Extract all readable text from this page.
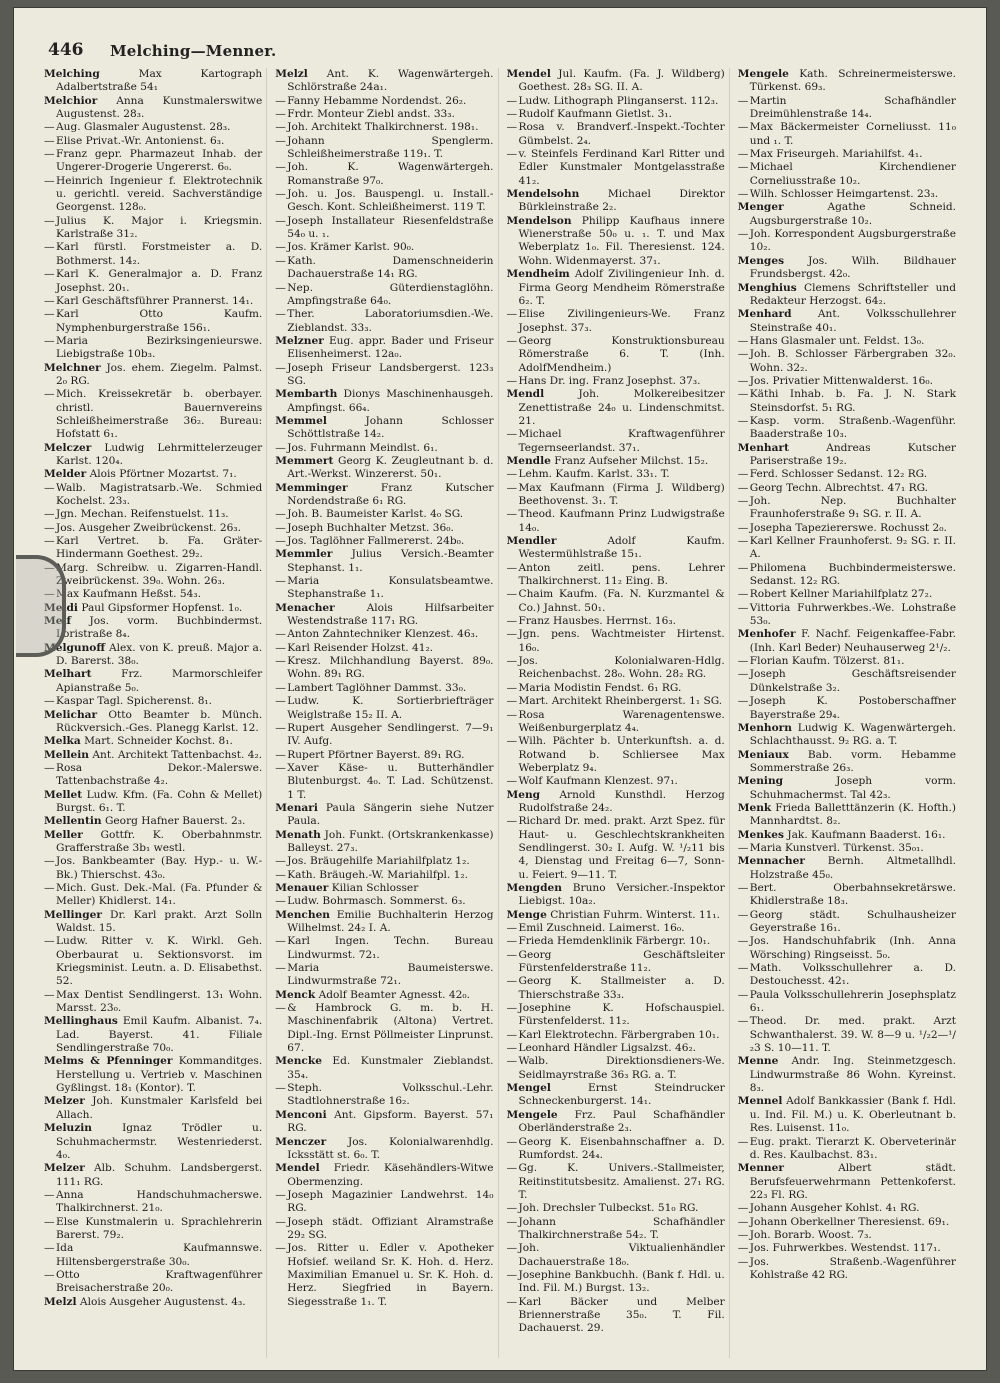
446 Melching—Menner.

Melching	Max Kartograph Adalbertstraße 54₁

Melchior Anna Kunstmalerswitwe Augustenst. 28₃.

—Aug. Glasmaler Augustenst. 28₃.

—Elise Privat.-Wr. Antonienst. 6₃.

—Franz gepr. Pharmazeut Inhab. der Ungerer-Drogerie Ungererst. 6₀.

—Heinrich Ingenieur f. Elektrotechnik u. gerichtl. vereid. Sachverständige Georgenst. 128₀.

—Julius K. Major i. Kriegsmin. Karlstraße 31₂.

—Karl fürstl. Forstmeister a. D. Bothmerst. 14₂.

—Karl K. Generalmajor a. D. Franz Josephst. 20₁.

—Karl Geschäftsführer Prannerst. 14₁.

—Karl Otto Kaufm. Nymphenburgerstraße 156₁.

—Maria Bezirksingenieurswe. Liebigstraße 10b₃.

Melchner Jos. ehem. Ziegelm. Palmst. 2₀ RG.

—Mich. Kreissekretär b. oberbayer. christl. Bauernvereins Schleißheimerstraße 36₂. Bureau: Hofstatt 6₁.

Melczer Ludwig Lehrmittelerzeuger Karlst. 120₄.

Melder Alois Pförtner Mozartst. 7₁.

—Walb. Magistratsarb.-We. Schmied Kochelst. 23₃.

—Jgn. Mechan. Reifenstuelst. 11₃.

—Jos. Ausgeher Zweibrückenst. 26₃.

—Karl Vertret. b. Fa. Gräter-Hindermann Goethest. 29₂.

—Marg. Schreibw. u. Zigarren-Handl. Zweibrückenst. 39₀. Wohn. 26₃.

—Max Kaufmann Heßst. 54₃.

Meldi Paul Gipsformer Hopfenst. 1₀.

Melf Jos. vorm. Buchbindermst. Loristraße 8₄.

Melgunoff Alex. von K. preuß. Major a. D. Barerst. 38₀.

Melhart	Frz. Marmorschleifer Apianstraße 5₀.

—Kaspar Tagl. Spicherenst. 8₁.

Melichar Otto Beamter b. Münch. Rückversich.-Ges. Planegg Karlst. 12.

Melka Mart. Schneider Kochst. 8₁.

Mellein Ant. Architekt Tattenbachst. 4₂.

—Rosa Dekor.-Malerswe. Tattenbachstraße 4₂.

Mellet Ludw. Kfm. (Fa. Cohn & Mellet) Burgst. 6₁. T.

Mellentin Georg Hafner Bauerst. 2₃.

Meller Gottfr. K. Oberbahnmstr. Grafferstraße 3b₁ westl.

—Jos. Bankbeamter (Bay. Hyp.- u. W.-Bk.) Thierschst. 43₀.

—Mich. Gust. Dek.-Mal. (Fa. Pfunder & Meller) Khidlerst. 14₁.

Mellinger Dr. Karl prakt. Arzt Solln Waldst. 15.

—Ludw. Ritter v. K. Wirkl. Geh. Oberbaurat u. Sektionsvorst. im Kriegsminist. Leutn. a. D. Elisabethst. 52.

—Max Dentist Sendlingerst. 13₁ Wohn. Marsst. 23₀.

Mellinghaus Emil Kaufm. Albanist. 7₄. Lad. Bayerst. 41. Filiale Sendlingerstraße 70₀.

Melms & Pfenninger Kommanditges. Herstellung u. Vertrieb v. Maschinen Gyßlingst. 18₁ (Kontor). T.

Melzer Joh. Kunstmaler Karlsfeld bei Allach.

Meluzin	Ignaz Trödler u. Schuhmachermstr. Westenriederst. 4₀.

Melzer Alb. Schuhm. Landsbergerst. 111₁ RG.

—Anna Handschuhmacherswe. Thalkirchnerst. 21₀.

—Else Kunstmalerin u. Sprachlehrerin Barerst. 79₂.

—Ida Kaufmannswe. Hiltensbergerstraße 30₀.

—Otto Kraftwagenführer Breisacherstraße 20₀.

Melzl Alois Ausgeher Augustenst. 4₃.

Melzl Ant. K. Wagenwärtergeh. Schlörstraße 24a₁.

—Fanny Hebamme Nordendst. 26₂.

—Frdr. Monteur Ziebl andst. 33₃.

—Joh. Architekt Thalkirchnerst. 198₁.

—Johann Spenglerm. Schleißheimerstraße 119₁. T.

—Joh. K. Wagenwärtergeh. Romanstraße 97₀.

—Joh. u. Jos. Bauspengl. u. Install.-Gesch. Kont. Schleißheimerst. 119 T.

—Joseph Installateur Riesenfeldstraße 54₀ u. ₁.

—Jos. Krämer Karlst. 90₀.

—Kath. Damenschneiderin Dachauerstraße 14₁ RG.

—Nep. Güterdienstaglöhn. Ampfingstraße 64₀.

—Ther. Laboratoriumsdien.-We. Zieblandst. 33₃.

Melzner Eug. appr. Bader und Friseur Elisenheimerst. 12a₀.

—Joseph Friseur Landsbergerst. 123₃ SG.

Membarth Dionys Maschinenhausgeh. Ampfingst. 66₄.

Memmel	Johann Schlosser Schöttlstraße 14₂.

—Jos. Fuhrmann Meindlst. 6₁.

Memmert Georg K. Zeugleutnant b. d. Art.-Werkst. Winzererst. 50₁.

Memminger	Franz Kutscher Nordendstraße 6₁ RG.

—Joh. B. Baumeister Karlst. 4₀ SG.

—Joseph Buchhalter Metzst. 36₀.

—Jos. Taglöhner Fallmererst. 24b₀.

Memmler Julius Versich.-Beamter Stephanst. 1₁.

—Maria Konsulatsbeamtwe. Stephanstraße 1₁.

Menacher	Alois Hilfsarbeiter Westendstraße 117₁ RG.

—Anton Zahntechniker Klenzest. 46₃.

—Karl Reisender Holzst. 41₂.

—Kresz. Milchhandlung Bayerst. 89₀. Wohn. 89₁ RG.

—Lambert Taglöhner Dammst. 33₀.

—Ludw. K. Sortierbriefträger Weiglstraße 15₂ II. A.

—Rupert Ausgeher Sendlingerst. 7—9₁ IV. Aufg.

—Rupert Pförtner Bayerst. 89₁ RG.

—Xaver Käse- u. Butterhändler Blutenburgst. 4₀. T. Lad. Schützenst. 1 T.

Menari Paula Sängerin siehe Nutzer Paula.

Menath Joh. Funkt. (Ortskrankenkasse) Balleyst. 27₃.

—Jos. Bräugehilfe Mariahilfplatz 1₂.

—Kath. Bräugeh.-W. Mariahilfpl. 1₂.

Menauer Kilian Schlosser

—Ludw. Bohrmasch. Sommerst. 6₃.

Menchen Emilie Buchhalterin Herzog Wilhelmst. 24₂ I. A.

—Karl Ingen. Techn. Bureau Lindwurmst. 72₁.

—Maria Baumeisterswe. Lindwurmstraße 72₁.

Menck Adolf Beamter Agnesst. 42₀.

—& Hambrock G. m. b. H. Maschinenfabrik (Altona) Vertret. Dipl.-Ing. Ernst Pöllmeister Linprunst. 67.

Mencke Ed. Kunstmaler Zieblandst. 35₄.

—Steph. Volksschul.-Lehr. Stadtlohnerstraße 16₂.

Menconi Ant. Gipsform. Bayerst. 57₁ RG.

Menczer Jos. Kolonialwarenhdlg. Icksstätt st. 6₀. T.

Mendel Friedr. Käsehändlers-Witwe Obermenzing.

—Joseph Magazinier Landwehrst. 14₀ RG.

—Joseph städt. Offiziant Alramstraße 29₂ SG.

—Jos. Ritter u. Edler v. Apotheker Hofsief. weiland Sr. K. Hoh. d. Herz. Maximilian Emanuel u. Sr. K. Hoh. d. Herz. Siegfried in Bayern. Siegesstraße 1₁. T.

Mendel Jul. Kaufm. (Fa. J. Wildberg) Goethest. 28₃ SG. II. A.

—Ludw. Lithograph Plinganserst. 112₃.

—Rudolf Kaufmann Gietlst. 3₁.

—Rosa v. Brandverf.-Inspekt.-Tochter Gümbelst. 2₄.

—v. Steinfels Ferdinand Karl Ritter und Edler Kunstmaler Montgelasstraße 41₂.

Mendelsohn	Michael Direktor Bürkleinstraße 2₂.

Mendelson Philipp Kaufhaus innere Wienerstraße 50₀ u. ₁. T. und Max Weberplatz 1₀. Fil. Theresienst. 124. Wohn. Widenmayerst. 37₁.

Mendheim Adolf Zivilingenieur Inh. d. Firma Georg Mendheim Römerstraße 6₂. T.

—Elise Zivilingenieurs-We. Franz Josephst. 37₃.

—Georg Konstruktionsbureau Römerstraße 6. T. (Inh. AdolfMendheim.)

—Hans Dr. ing. Franz Josephst. 37₃.

Mendl	Joh. Molkereibesitzer Zenettistraße 24₀ u. Lindenschmitst. 21.

—Michael Kraftwagenführer Tegernseerlandst. 37₁.

Mendle Franz Aufseher Milchst. 15₂.

—Lehm. Kaufm. Karlst. 33₁. T.

—Max Kaufmann (Firma J. Wildberg) Beethovenst. 3₁. T.

—Theod. Kaufmann Prinz Ludwigstraße 14₀.

Mendler	Adolf Kaufm. Westermühlstraße 15₁.

—Anton zeitl. pens. Lehrer Thalkirchnerst. 11₂ Eing. B.

—Chaim Kaufm. (Fa. N. Kurzmantel & Co.) Jahnst. 50₁.

—Franz Hausbes. Herrnst. 16₃.

—Jgn. pens. Wachtmeister Hirtenst. 16₀.

—Jos. Kolonialwaren-Hdlg. Reichenbachst. 28₀. Wohn. 28₂ RG.

—Maria Modistin Fendst. 6₁ RG.

—Mart. Architekt Rheinbergerst. 1₁ SG.

—Rosa Warenagentenswe. Weißenburgerplatz 4₄.

—Wilh. Pächter b. Unterkunftsh. a. d. Rotwand b. Schliersee Max Weberplatz 9₄.

—Wolf Kaufmann Klenzest. 97₁.

Meng Arnold Kunsthdl. Herzog Rudolfstraße 24₂.

—Richard Dr. med. prakt. Arzt Spez. für Haut- u. Geschlechtskrankheiten Sendlingerst. 30₂ I. Aufg. W. ¹/₂11 bis 4, Dienstag und Freitag 6—7, Sonn- u. Feiert. 9—11. T.

Mengden Bruno Versicher.-Inspektor Liebigst. 10a₂.

Menge Christian Fuhrm. Winterst. 11₁.

—Emil Zuschneid. Laimerst. 16₀.

—Frieda Hemdenklinik Färbergr. 10₁.

—Georg Geschäftsleiter Fürstenfelderstraße 11₂.

—Georg K. Stallmeister a. D. Thierschstraße 33₃.

—Josephine K. Hofschauspiel. Fürstenfelderst. 11₂.

—Karl Elektrotechn. Färbergraben 10₁.

—Leonhard Händler Ligsalzst. 46₂.

—Walb. Direktionsdieners-We. Seidlmayrstraße 36₃ RG. a. T.

Mengel	Ernst Steindrucker Schneckenburgerst. 14₁.

Mengele Frz. Paul Schafhändler Oberländerstraße 2₃.

—Georg K. Eisenbahnschaffner a. D. Rumfordst. 24₄.

—Gg. K. Univers.-Stallmeister, Reitinstitutsbesitz. Amalienst. 27₁ RG. T.

—Joh. Drechsler Tulbeckst. 51₀ RG.

—Johann Schafhändler Thalkirchnerstraße 54₂. T.

—Joh. Viktualienhändler Dachauerstraße 18₀.

—Josephine Bankbuchh. (Bank f. Hdl. u. Ind. Fil. M.) Burgst. 13₂.

—Karl Bäcker und Melber Briennerstraße 35₀. T. Fil. Dachauerst. 29.

Mengele Kath. Schreinermeisterswe. Türkenst. 69₃.

—Martin Schafhändler Dreimühlenstraße 14₄.

—Max Bäckermeister Corneliusst. 11₀ und ₁. T.

—Max Friseurgeh. Mariahilfst. 4₁.

—Michael Kirchendiener Corneliusstraße 10₂.

—Wilh. Schlosser Heimgartenst. 23₃.

Menger	Agathe Schneid. Augsburgerstraße 10₂.

—Joh. Korrespondent Augsburgerstraße 10₂.

Menges Jos. Wilh. Bildhauer Frundsbergst. 42₀.

Menghius Clemens Schriftsteller und Redakteur Herzogst. 64₂.

Menhard Ant. Volksschullehrer Steinstraße 40₁.

—Hans Glasmaler unt. Feldst. 13₀.

—Joh. B. Schlosser Färbergraben 32₀. Wohn. 32₂.

—Jos. Privatier Mittenwalderst. 16₀.

—Käthi Inhab. b. Fa. J. N. Stark Steinsdorfst. 5₁ RG.

—Kasp. vorm. Straßenb.-Wagenführ. Baaderstraße 10₃.

Menhart	Andreas Kutscher Pariserstraße 19₂.

—Ferd. Schlosser Sedanst. 12₂ RG.

—Georg Techn. Albrechtst. 47₁ RG.

—Joh. Nep. Buchhalter Fraunhoferstraße 9₁ SG. r. II. A.

—Josepha Tapeziererswe. Rochusst 2₀.

—Karl Kellner Fraunhoferst. 9₂ SG. r. II. A.

—Philomena Buchbindermeisterswe. Sedanst. 12₂ RG.

—Robert Kellner Mariahilfplatz 27₂.

—Vittoria Fuhrwerkbes.-We. Lohstraße 53₀.

Menhofer F. Nachf. Feigenkaffee-Fabr. (Inh. Karl Beder) Neuhauserweg 2¹/₂.

—Florian Kaufm. Tölzerst. 81₁.

—Joseph Geschäftsreisender Dünkelstraße 3₂.

—Joseph K. Postoberschaffner Bayerstraße 29₄.

Menhorn Ludwig K. Wagenwärtergeh. Schlachthausst. 9₂ RG. a. T.

Meniaux Bab. vorm. Hebamme Sommerstraße 26₃.

Mening	Joseph vorm. Schuhmachermst. Tal 42₃.

Menk Frieda Balletttänzerin (K. Hofth.) Mannhardtst. 8₂.

Menkes Jak. Kaufmann Baaderst. 16₁.

—Maria Kunstverl. Türkenst. 35₀₁.

Mennacher Bernh. Altmetallhdl. Holzstraße 45₀.

—Bert. Oberbahnsekretärswe. Khidlerstraße 18₃.

—Georg städt. Schulhausheizer Geyerstraße 16₁.

—Jos. Handschuhfabrik (Inh. Anna Wörsching) Ringseisst. 5₀.

—Math. Volksschullehrer a. D. Destouchesst. 42₁.

—Paula Volksschullehrerin Josephsplatz 6₁.

—Theod. Dr. med. prakt. Arzt Schwanthalerst. 39. W. 8—9 u. ¹/₂2—¹/₂3 S. 10—11. T.

Menne Andr. Ing. Steinmetzgesch. Lindwurmstraße 86 Wohn. Kyreinst. 8₃.

Mennel Adolf Bankkassier (Bank f. Hdl. u. Ind. Fil. M.) u. K. Oberleutnant b. Res. Luisenst. 11₀.

—Eug. prakt. Tierarzt K. Oberveterinär d. Res. Kaulbachst. 83₁.

Menner	Albert städt. Berufsfeuerwehrmann Pettenkoferst. 22₃ Fl. RG.

—Johann Ausgeher Kohlst. 4₁ RG.

—Johann Oberkellner Theresienst. 69₁.

—Joh. Borarb. Woost. 7₃.

—Jos. Fuhrwerkbes. Westendst. 117₁.

—Jos. Straßenb.-Wagenführer Kohlstraße 42 RG.
